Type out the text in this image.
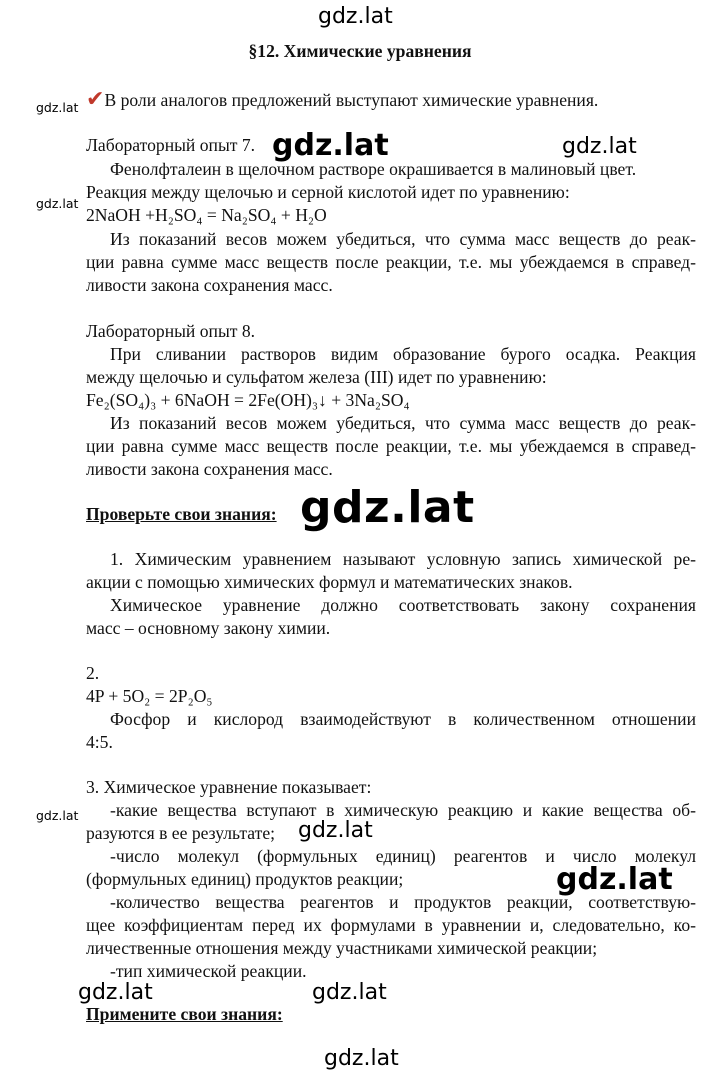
gdz.lat
§12. Химические уравнения
gdz.lat ✔В роли аналогов предложений выступают химические уравнения.
Лабораторный опыт 7. gdz.lat	gdz.lat
Фенолфталеин в щелочном растворе окрашивается в малиновый цвет.
Реакция между щелочью и серной кислотой идет по уравнению:
gdz.lat
2NaOH +H₂SO₄ = Na₂SO₄ + H₂O
Из показаний весов можем убедиться, что сумма масс веществ до реак-
ции равна сумме масс веществ после реакции, т.е. мы убеждаемся в справед-
ливости закона сохранения масс.
Лабораторный опыт 8.
При сливании растворов видим образование бурого осадка. Реакция
между щелочью и сульфатом железа (III) идет по уравнению:
Fe₂(SO₄)₃ + 6NaOH = 2Fe(OH)₃↓ + 3Na₂SO₄
Из показаний весов можем убедиться, что сумма масс веществ до реак-
ции равна сумме масс веществ после реакции, т.е. мы убеждаемся в справед-
ливости закона сохранения масс.
Проверьте свои знания: gdz.lat
1. Химическим уравнением называют условную запись химической ре-
акции с помощью химических формул и математических знаков.
Химическое уравнение должно соответствовать закону сохранения
масс – основному закону химии.
2.
4P + 5O₂ = 2P₂O₅
Фосфор и кислород взаимодействуют в количественном отношении
4:5.
3. Химическое уравнение показывает:
gdz.lat -какие вещества вступают в химическую реакцию и какие вещества об-
разуются в ее результате; gdz.lat
-число молекул (формульных единиц) реагентов и число молекул
(формульных единиц) продуктов реакции;	gdz.lat
-количество вещества реагентов и продуктов реакции, соответствую-
щее коэффициентам перед их формулами в уравнении и, следовательно, ко-
личественные отношения между участниками химической реакции;
-тип химической реакции.
gdz.lat	gdz.lat
Примените свои знания:
gdz.lat
